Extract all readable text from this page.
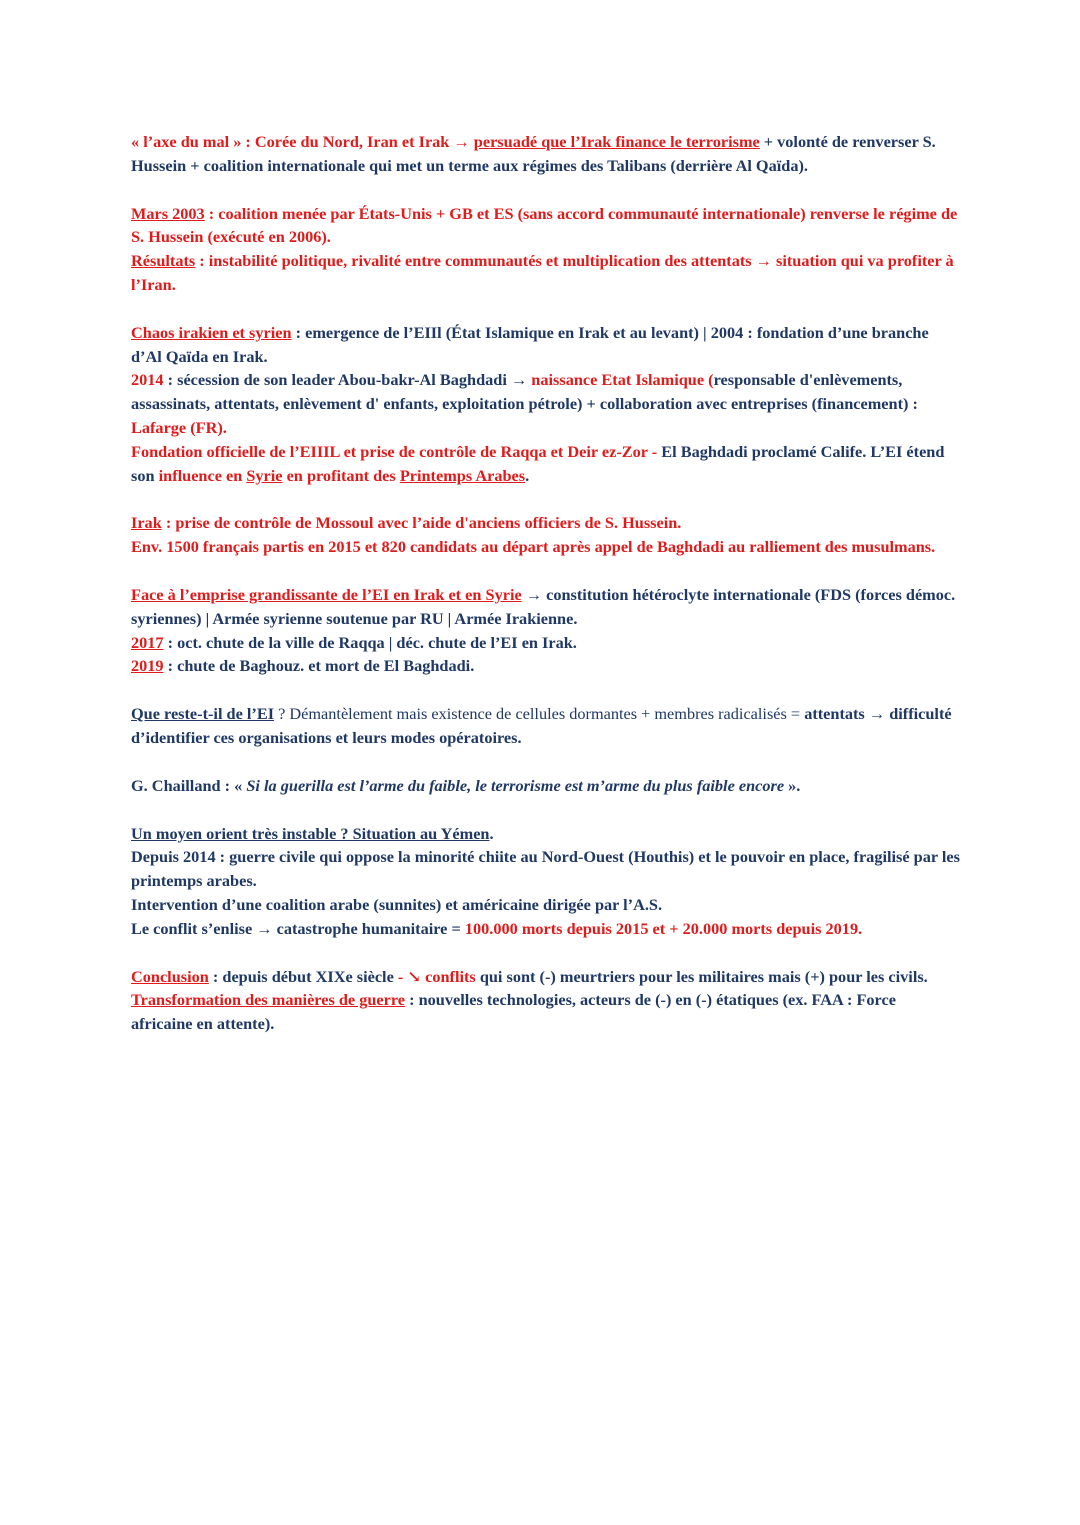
« l’axe du mal » : Corée du Nord, Iran et Irak → persuadé que l’Irak finance le terrorisme + volonté de renverser S. Hussein + coalition internationale qui met un terme aux régimes des Talibans (derrière Al Qaïda).

Mars 2003 : coalition menée par États-Unis + GB et ES (sans accord communauté internationale) renverse le régime de S. Hussein (exécuté en 2006).
Résultats : instabilité politique, rivalité entre communautés et multiplication des attentats → situation qui va profiter à l’Iran.

Chaos irakien et syrien : emergence de l’EIIl (État Islamique en Irak et au levant) | 2004 : fondation d’une branche d’Al Qaïda en Irak.
2014 : sécession de son leader Abou-bakr-Al Baghdadi → naissance Etat Islamique (responsable d'enlèvements, assassinats, attentats, enlèvement d' enfants, exploitation pétrole) + collaboration avec entreprises (financement) : Lafarge (FR).
Fondation officielle de l’EIIIL et prise de contrôle de Raqqa et Deir ez-Zor - El Baghdadi proclamé Calife. L’EI étend son influence en Syrie en profitant des Printemps Arabes.

Irak : prise de contrôle de Mossoul avec l’aide d'anciens officiers de S. Hussein.
Env. 1500 français partis en 2015 et 820 candidats au départ après appel de Baghdadi au ralliement des musulmans.

Face à l’emprise grandissante de l’EI en Irak et en Syrie → constitution hétéroclyte internationale (FDS (forces démoc. syriennes) | Armée syrienne soutenue par RU | Armée Irakienne.
2017 : oct. chute de la ville de Raqqa | déc. chute de l’EI en Irak.
2019 : chute de Baghouz. et mort de El Baghdadi.

Que reste-t-il de l’EI ? Démantèlement mais existence de cellules dormantes + membres radicalisés = attentats → difficulté d’identifier ces organisations et leurs modes opératoires.

G. Chailland : « Si la guerilla est l’arme du faible, le terrorisme est m’arme du plus faible encore ».

Un moyen orient très instable ? Situation au Yémen.
Depuis 2014 : guerre civile qui oppose la minorité chiite au Nord-Ouest (Houthis) et le pouvoir en place, fragilisé par les printemps arabes.
Intervention d’une coalition arabe (sunnites) et américaine dirigée par l’A.S.
Le conflit s’enlise → catastrophe humanitaire = 100.000 morts depuis 2015 et + 20.000 morts depuis 2019.

Conclusion : depuis début XIXe siècle - ↘ conflits qui sont (-) meurtriers pour les militaires mais (+) pour les civils. Transformation des manières de guerre : nouvelles technologies, acteurs de (-) en (-) étatiques (ex. FAA : Force africaine en attente).
